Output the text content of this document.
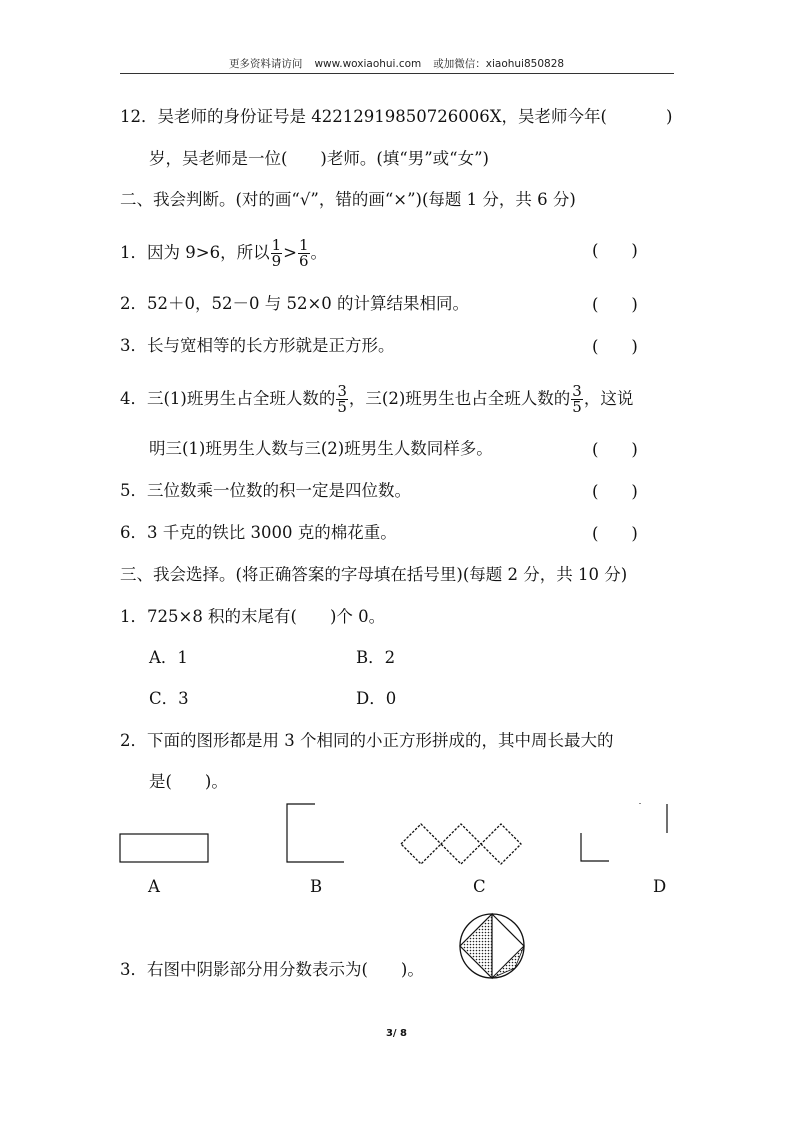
更多资料请访问 www.woxiaohui.com 或加微信：xiaohui850828
12．吴老师的身份证号是 42212919850726006X，吴老师今年(	)
岁，吴老师是一位(　　)老师。(填“男”或“女”)
二、我会判断。(对的画“√”，错的画“×”)(每题 1 分，共 6 分)
1．因为 9>6，所以 $\frac{1}{9} > \frac{1}{6}$ 。	(　　)
2．52＋0，52－0 与 52×0 的计算结果相同。	(　　)
3．长与宽相等的长方形就是正方形。	(　　)
4．三(1)班男生占全班人数的 $\frac{3}{5}$ ，三(2)班男生也占全班人数的 $\frac{3}{5}$ ，这说
明三(1)班男生人数与三(2)班男生人数同样多。	(　　)
5．三位数乘一位数的积一定是四位数。	(　　)
6．3 千克的铁比 3000 克的棉花重。	(　　)
三、我会选择。(将正确答案的字母填在括号里)(每题 2 分，共 10 分)
1．725×8 积的末尾有(　　)个 0。
A．1	B．2
C．3	D．0
2．下面的图形都是用 3 个相同的小正方形拼成的，其中周长最大的
是(　　)。
A	B	C	D
3．右图中阴影部分用分数表示为(　　)。
3/ 8
